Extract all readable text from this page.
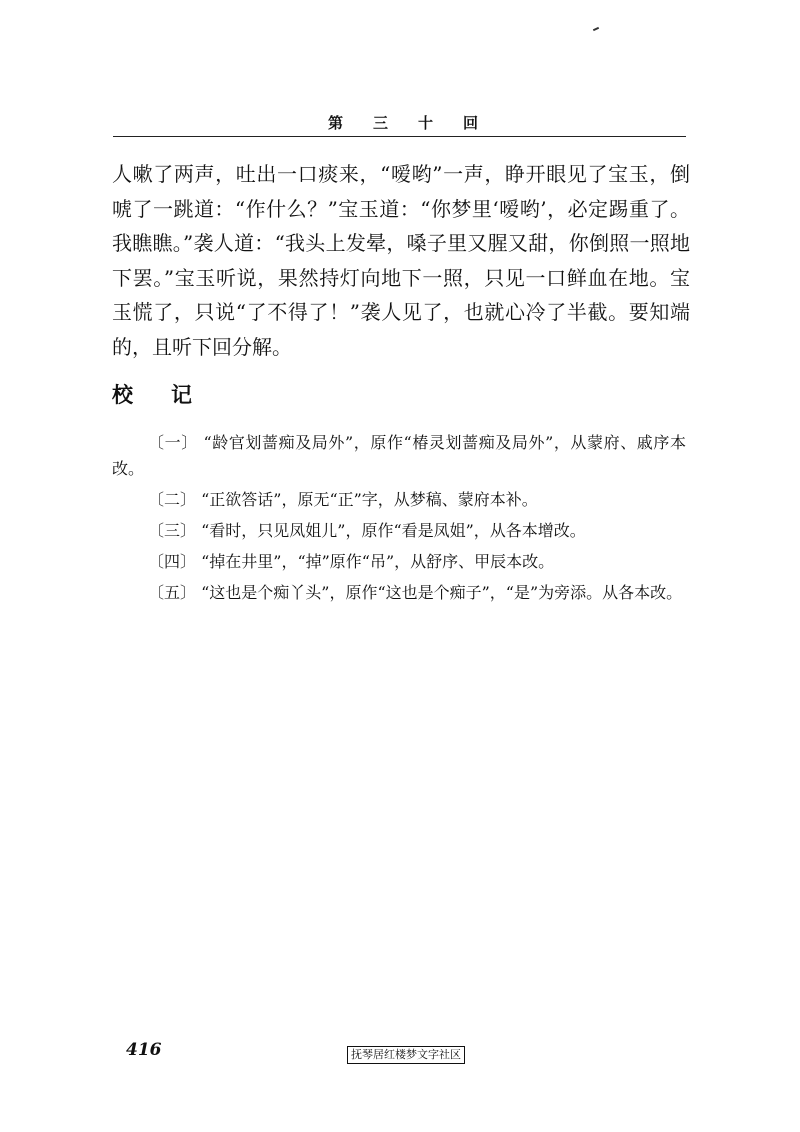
第 三 十 回

人嗽了两声，吐出一口痰来，“嗳哟”一声，睁开眼见了宝玉，倒唬了一跳道：“作什么？”宝玉道：“你梦里‘嗳哟’，必定踢重了。我瞧瞧。”袭人道：“我头上发晕，嗓子里又腥又甜，你倒照一照地下罢。”宝玉听说，果然持灯向地下一照，只见一口鲜血在地。宝玉慌了，只说“了不得了！”袭人见了，也就心冷了半截。要知端的，且听下回分解。

校记
〔一〕 “龄官划蔷痴及局外”，原作“椿灵划蔷痴及局外”，从蒙府、戚序本改。
〔二〕 “正欲答话”，原无“正”字，从梦稿、蒙府本补。
〔三〕 “看时，只见凤姐儿”，原作“看是凤姐”，从各本增改。
〔四〕 “掉在井里”，“掉”原作“吊”，从舒序、甲辰本改。
〔五〕 “这也是个痴丫头”，原作“这也是个痴子”，“是”为旁添。从各本改。
416	抚琴居红楼梦文字社区
